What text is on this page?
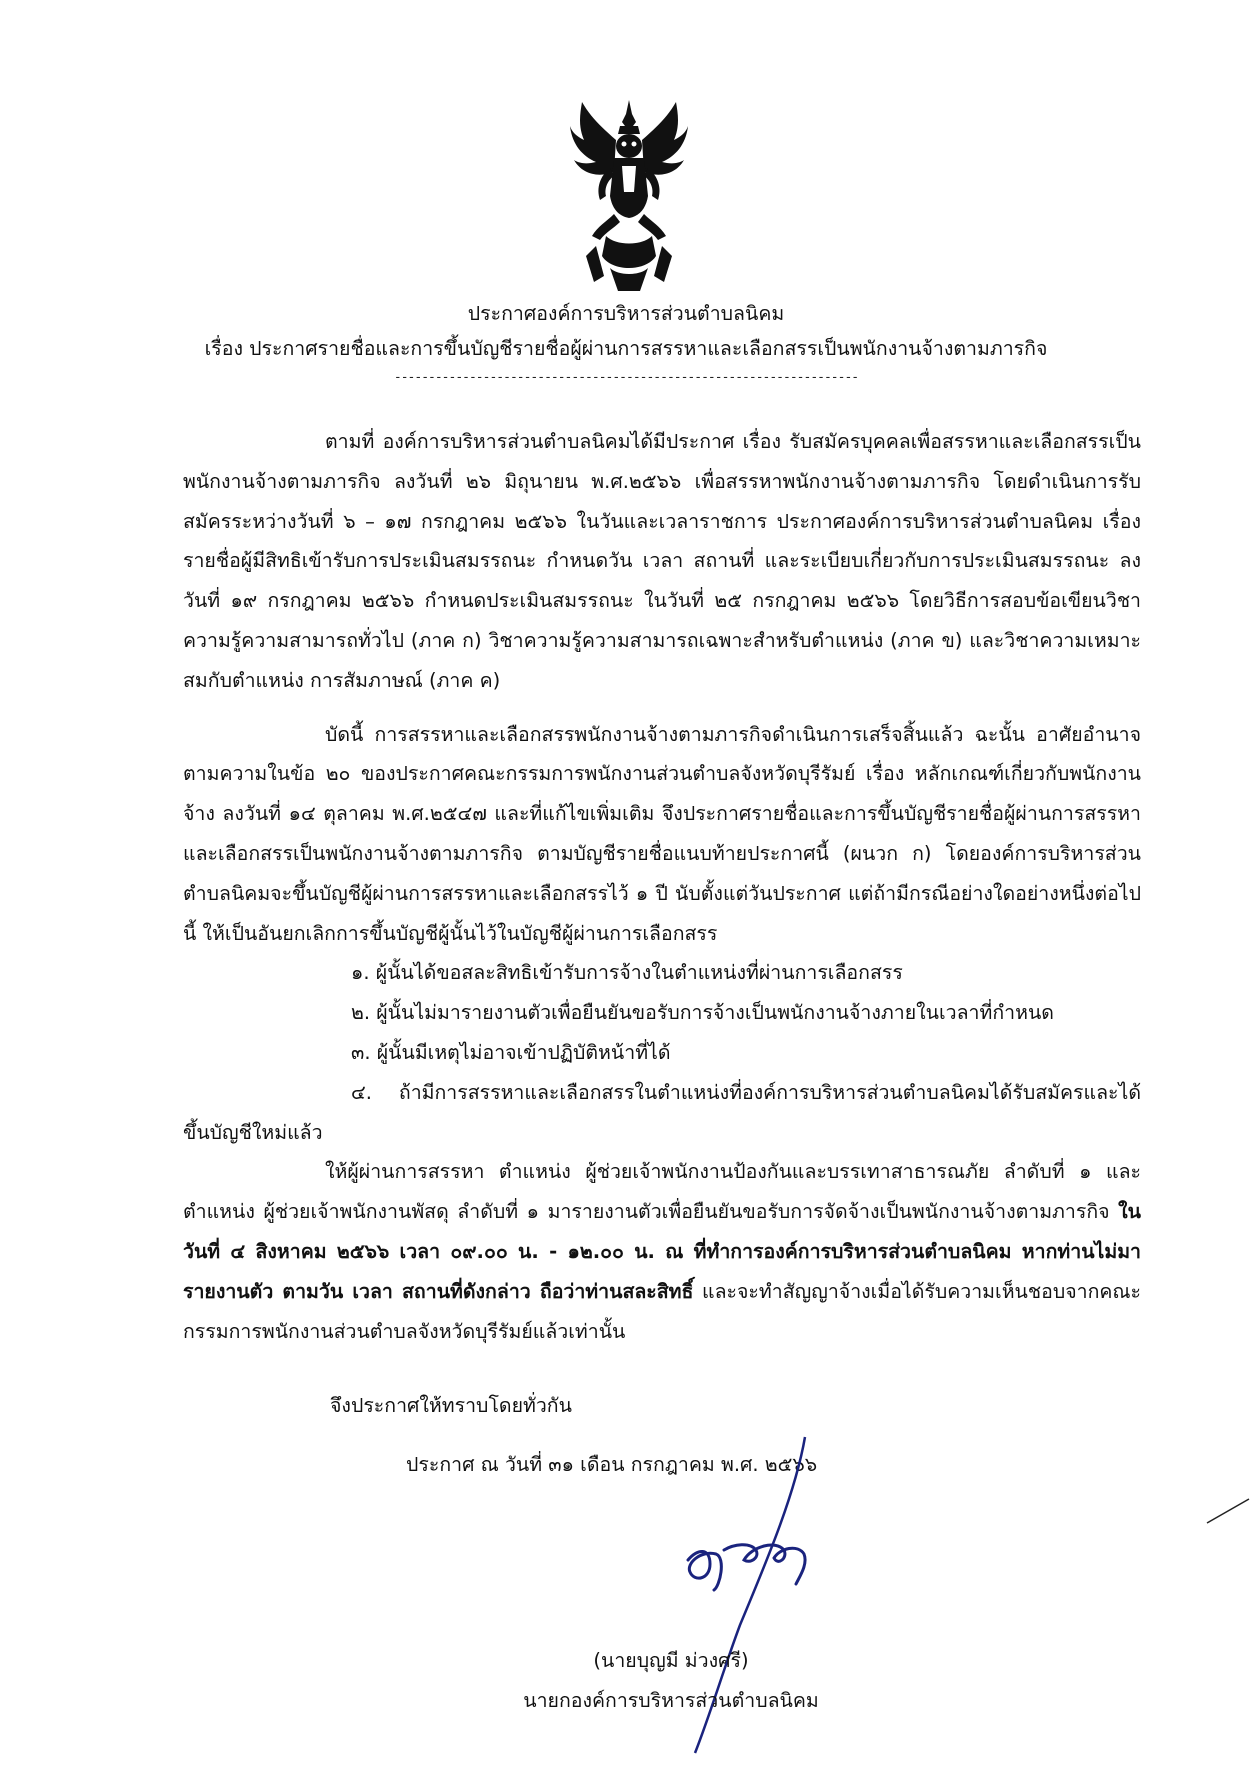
ประกาศองค์การบริหารส่วนตำบลนิคม
เรื่อง ประกาศรายชื่อและการขึ้นบัญชีรายชื่อผู้ผ่านการสรรหาและเลือกสรรเป็นพนักงานจ้างตามภารกิจ
--------------------------------------------------------------------

ตามที่ องค์การบริหารส่วนตำบลนิคมได้มีประกาศ เรื่อง รับสมัครบุคคลเพื่อสรรหาและเลือกสรรเป็นพนักงานจ้างตามภารกิจ ลงวันที่ ๒๖ มิถุนายน พ.ศ.๒๕๖๖ เพื่อสรรหาพนักงานจ้างตามภารกิจ โดยดำเนินการรับสมัครระหว่างวันที่ ๖ – ๑๗ กรกฎาคม ๒๕๖๖ ในวันและเวลาราชการ ประกาศองค์การบริหารส่วนตำบลนิคม เรื่อง รายชื่อผู้มีสิทธิเข้ารับการประเมินสมรรถนะ กำหนดวัน เวลา สถานที่ และระเบียบเกี่ยวกับการประเมินสมรรถนะ ลงวันที่ ๑๙ กรกฎาคม ๒๕๖๖ กำหนดประเมินสมรรถนะ ในวันที่ ๒๕ กรกฎาคม ๒๕๖๖ โดยวิธีการสอบข้อเขียนวิชาความรู้ความสามารถทั่วไป (ภาค ก) วิชาความรู้ความสามารถเฉพาะสำหรับตำแหน่ง (ภาค ข) และวิชาความเหมาะสมกับตำแหน่ง การสัมภาษณ์ (ภาค ค)

บัดนี้ การสรรหาและเลือกสรรพนักงานจ้างตามภารกิจดำเนินการเสร็จสิ้นแล้ว ฉะนั้น อาศัยอำนาจตามความในข้อ ๒๐ ของประกาศคณะกรรมการพนักงานส่วนตำบลจังหวัดบุรีรัมย์ เรื่อง หลักเกณฑ์เกี่ยวกับพนักงานจ้าง ลงวันที่ ๑๔ ตุลาคม พ.ศ.๒๕๔๗ และที่แก้ไขเพิ่มเติม จึงประกาศรายชื่อและการขึ้นบัญชีรายชื่อผู้ผ่านการสรรหาและเลือกสรรเป็นพนักงานจ้างตามภารกิจ ตามบัญชีรายชื่อแนบท้ายประกาศนี้ (ผนวก ก) โดยองค์การบริหารส่วนตำบลนิคมจะขึ้นบัญชีผู้ผ่านการสรรหาและเลือกสรรไว้ ๑ ปี นับตั้งแต่วันประกาศ แต่ถ้ามีกรณีอย่างใดอย่างหนึ่งต่อไปนี้ ให้เป็นอันยกเลิกการขึ้นบัญชีผู้นั้นไว้ในบัญชีผู้ผ่านการเลือกสรร

๑. ผู้นั้นได้ขอสละสิทธิเข้ารับการจ้างในตำแหน่งที่ผ่านการเลือกสรร

๒. ผู้นั้นไม่มารายงานตัวเพื่อยืนยันขอรับการจ้างเป็นพนักงานจ้างภายในเวลาที่กำหนด

๓. ผู้นั้นมีเหตุไม่อาจเข้าปฏิบัติหน้าที่ได้

๔. ถ้ามีการสรรหาและเลือกสรรในตำแหน่งที่องค์การบริหารส่วนตำบลนิคมได้รับสมัครและได้ขึ้นบัญชีใหม่แล้ว

ให้ผู้ผ่านการสรรหา ตำแหน่ง ผู้ช่วยเจ้าพนักงานป้องกันและบรรเทาสาธารณภัย ลำดับที่ ๑ และตำแหน่ง ผู้ช่วยเจ้าพนักงานพัสดุ ลำดับที่ ๑ มารายงานตัวเพื่อยืนยันขอรับการจัดจ้างเป็นพนักงานจ้างตามภารกิจ ในวันที่ ๔ สิงหาคม ๒๕๖๖ เวลา ๐๙.๐๐ น. - ๑๒.๐๐ น. ณ ที่ทำการองค์การบริหารส่วนตำบลนิคม หากท่านไม่มารายงานตัว ตามวัน เวลา สถานที่ดังกล่าว ถือว่าท่านสละสิทธิ์ และจะทำสัญญาจ้างเมื่อได้รับความเห็นชอบจากคณะกรรมการพนักงานส่วนตำบลจังหวัดบุรีรัมย์แล้วเท่านั้น

จึงประกาศให้ทราบโดยทั่วกัน
ประกาศ ณ วันที่ ๓๑ เดือน กรกฎาคม พ.ศ. ๒๕๖๖
(นายบุญมี ม่วงศรี)
นายกองค์การบริหารส่วนตำบลนิคม
